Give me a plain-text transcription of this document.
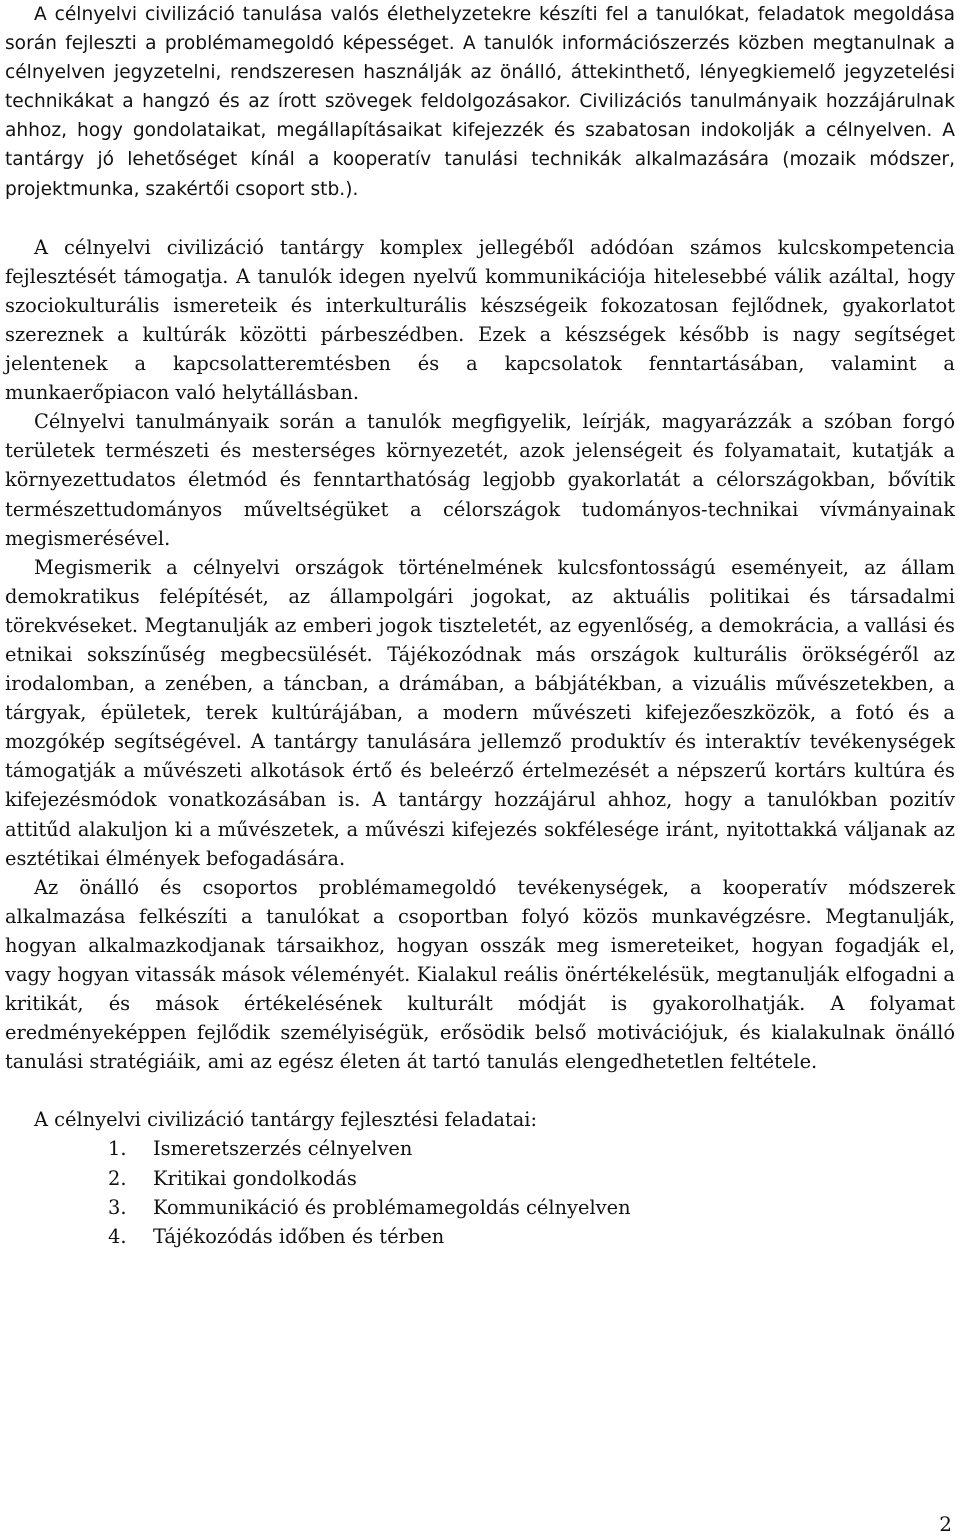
A célnyelvi civilizáció tanulása valós élethelyzetekre készíti fel a tanulókat, feladatok megoldása során fejleszti a problémamegoldó képességet. A tanulók információszerzés közben megtanulnak a célnyelven jegyzetelni, rendszeresen használják az önálló, áttekinthető, lényegkiemelő jegyzetelési technikákat a hangzó és az írott szövegek feldolgozásakor. Civilizációs tanulmányaik hozzájárulnak ahhoz, hogy gondolataikat, megállapításaikat kifejezzék és szabatosan indokolják a célnyelven. A tantárgy jó lehetőséget kínál a kooperatív tanulási technikák alkalmazására (mozaik módszer, projektmunka, szakértői csoport stb.).

A célnyelvi civilizáció tantárgy komplex jellegéből adódóan számos kulcskompetencia fejlesztését támogatja. A tanulók idegen nyelvű kommunikációja hitelesebbé válik azáltal, hogy szociokulturális ismereteik és interkulturális készségeik fokozatosan fejlődnek, gyakorlatot szereznek a kultúrák közötti párbeszédben. Ezek a készségek később is nagy segítséget jelentenek a kapcsolatteremtésben és a kapcsolatok fenntartásában, valamint a munkaerőpiacon való helytállásban.

Célnyelvi tanulmányaik során a tanulók megfigyelik, leírják, magyarázzák a szóban forgó területek természeti és mesterséges környezetét, azok jelenségeit és folyamatait, kutatják a környezettudatos életmód és fenntarthatóság legjobb gyakorlatát a célországokban, bővítik természettudományos műveltségüket a célországok tudományos-technikai vívmányainak megismerésével.

Megismerik a célnyelvi országok történelmének kulcsfontosságú eseményeit, az állam demokratikus felépítését, az állampolgári jogokat, az aktuális politikai és társadalmi törekvéseket. Megtanulják az emberi jogok tiszteletét, az egyenlőség, a demokrácia, a vallási és etnikai sokszínűség megbecsülését. Tájékozódnak más országok kulturális örökségéről az irodalomban, a zenében, a táncban, a drámában, a bábjátékban, a vizuális művészetekben, a tárgyak, épületek, terek kultúrájában, a modern művészeti kifejezőeszközök, a fotó és a mozgókép segítségével. A tantárgy tanulására jellemző produktív és interaktív tevékenységek támogatják a művészeti alkotások értő és beleérző értelmezését a népszerű kortárs kultúra és kifejezésmódok vonatkozásában is. A tantárgy hozzájárul ahhoz, hogy a tanulókban pozitív attitűd alakuljon ki a művészetek, a művészi kifejezés sokfélesége iránt, nyitottakká váljanak az esztétikai élmények befogadására.

Az önálló és csoportos problémamegoldó tevékenységek, a kooperatív módszerek alkalmazása felkészíti a tanulókat a csoportban folyó közös munkavégzésre. Megtanulják, hogyan alkalmazkodjanak társaikhoz, hogyan osszák meg ismereteiket, hogyan fogadják el, vagy hogyan vitassák mások véleményét. Kialakul reális önértékelésük, megtanulják elfogadni a kritikát, és mások értékelésének kulturált módját is gyakorolhatják. A folyamat eredményeképpen fejlődik személyiségük, erősödik belső motivációjuk, és kialakulnak önálló tanulási stratégiáik, ami az egész életen át tartó tanulás elengedhetetlen feltétele.

A célnyelvi civilizáció tantárgy fejlesztési feladatai:

1. Ismeretszerzés célnyelven
2. Kritikai gondolkodás
3. Kommunikáció és problémamegoldás célnyelven
4. Tájékozódás időben és térben
2
